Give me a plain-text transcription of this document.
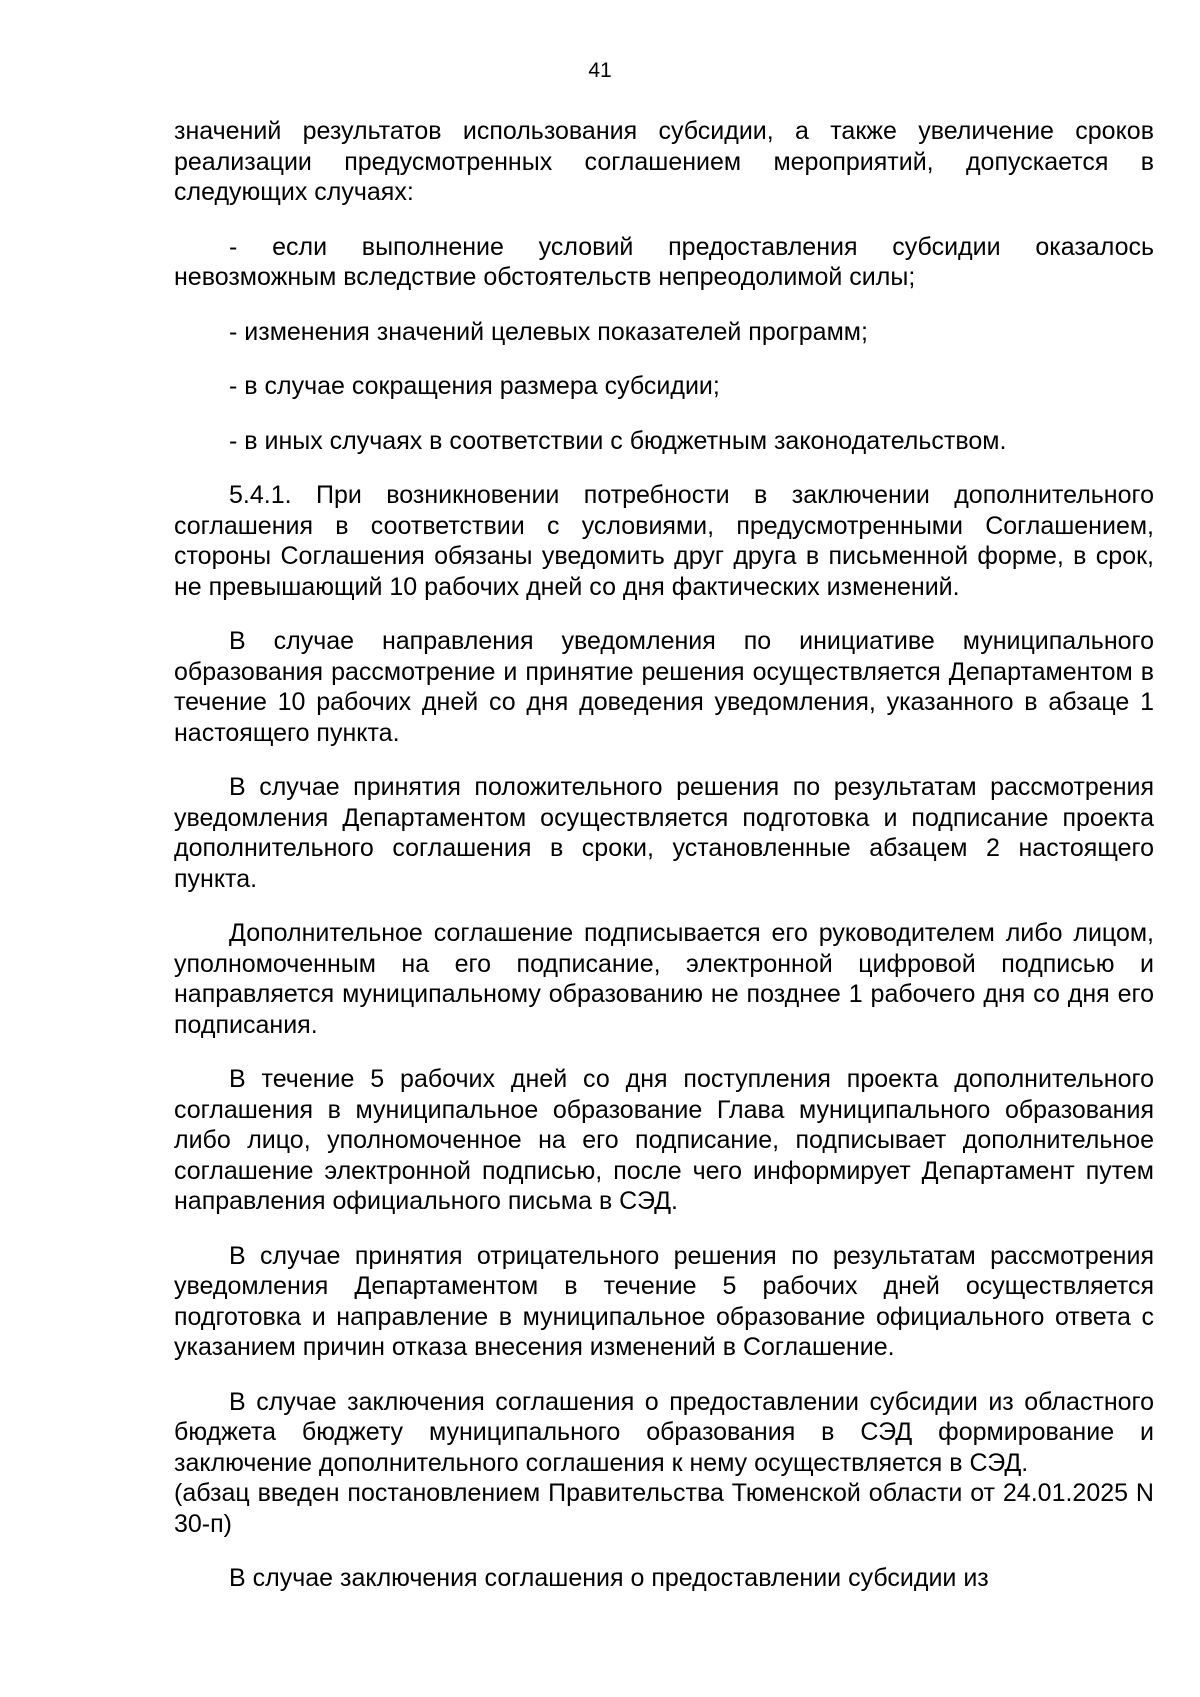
41

значений результатов использования субсидии, а также увеличение сроков реализации предусмотренных соглашением мероприятий, допускается в следующих случаях:

- если выполнение условий предоставления субсидии оказалось невозможным вследствие обстоятельств непреодолимой силы;

- изменения значений целевых показателей программ;

- в случае сокращения размера субсидии;

- в иных случаях в соответствии с бюджетным законодательством.

5.4.1. При возникновении потребности в заключении дополнительного соглашения в соответствии с условиями, предусмотренными Соглашением, стороны Соглашения обязаны уведомить друг друга в письменной форме, в срок, не превышающий 10 рабочих дней со дня фактических изменений.

В случае направления уведомления по инициативе муниципального образования рассмотрение и принятие решения осуществляется Департаментом в течение 10 рабочих дней со дня доведения уведомления, указанного в абзаце 1 настоящего пункта.

В случае принятия положительного решения по результатам рассмотрения уведомления Департаментом осуществляется подготовка и подписание проекта дополнительного соглашения в сроки, установленные абзацем 2 настоящего пункта.

Дополнительное соглашение подписывается его руководителем либо лицом, уполномоченным на его подписание, электронной цифровой подписью и направляется муниципальному образованию не позднее 1 рабочего дня со дня его подписания.

В течение 5 рабочих дней со дня поступления проекта дополнительного соглашения в муниципальное образование Глава муниципального образования либо лицо, уполномоченное на его подписание, подписывает дополнительное соглашение электронной подписью, после чего информирует Департамент путем направления официального письма в СЭД.

В случае принятия отрицательного решения по результатам рассмотрения уведомления Департаментом в течение 5 рабочих дней осуществляется подготовка и направление в муниципальное образование официального ответа с указанием причин отказа внесения изменений в Соглашение.

В случае заключения соглашения о предоставлении субсидии из областного бюджета бюджету муниципального образования в СЭД формирование и заключение дополнительного соглашения к нему осуществляется в СЭД.

(абзац введен постановлением Правительства Тюменской области от 24.01.2025 N 30-п)

В случае заключения соглашения о предоставлении субсидии из
